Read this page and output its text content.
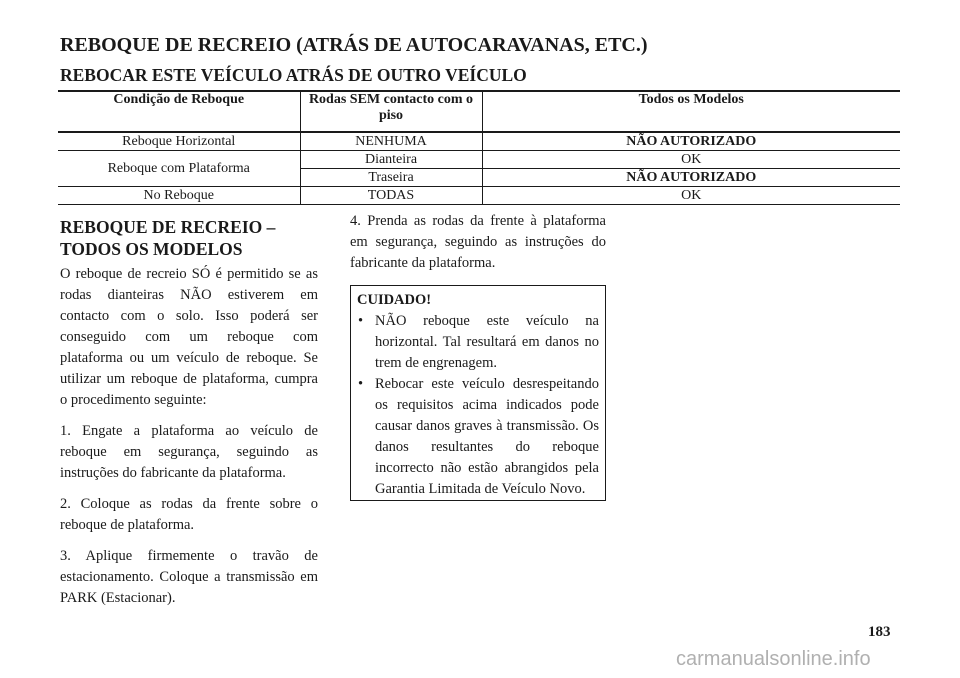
REBOQUE DE RECREIO (ATRÁS DE AUTOCARAVANAS, ETC.)
REBOCAR ESTE VEÍCULO ATRÁS DE OUTRO VEÍCULO
Condição de Reboque	Rodas SEM contacto com o piso	Todos os Modelos
Reboque Horizontal	NENHUMA	NÃO AUTORIZADO
Reboque com Plataforma	Dianteira	OK
	Traseira	NÃO AUTORIZADO
No Reboque	TODAS	OK
REBOQUE DE RECREIO – TODOS OS MODELOS

O reboque de recreio SÓ é permitido se as rodas dianteiras NÃO estiverem em contacto com o solo. Isso poderá ser conseguido com um reboque com plataforma ou um veículo de reboque. Se utilizar um reboque de plataforma, cumpra o procedimento seguinte:

1. Engate a plataforma ao veículo de reboque em segurança, seguindo as instruções do fabricante da plataforma.

2. Coloque as rodas da frente sobre o reboque de plataforma.

3. Aplique firmemente o travão de estacionamento. Coloque a transmissão em PARK (Estacionar).

4. Prenda as rodas da frente à plataforma em segurança, seguindo as instruções do fabricante da plataforma.

CUIDADO!

• NÃO reboque este veículo na horizontal. Tal resultará em danos no trem de engrenagem.
• Rebocar este veículo desrespeitando os requisitos acima indicados pode causar danos graves à transmissão. Os danos resultantes do reboque incorrecto não estão abrangidos pela Garantia Limitada de Veículo Novo.
183
carmanualsonline.info
